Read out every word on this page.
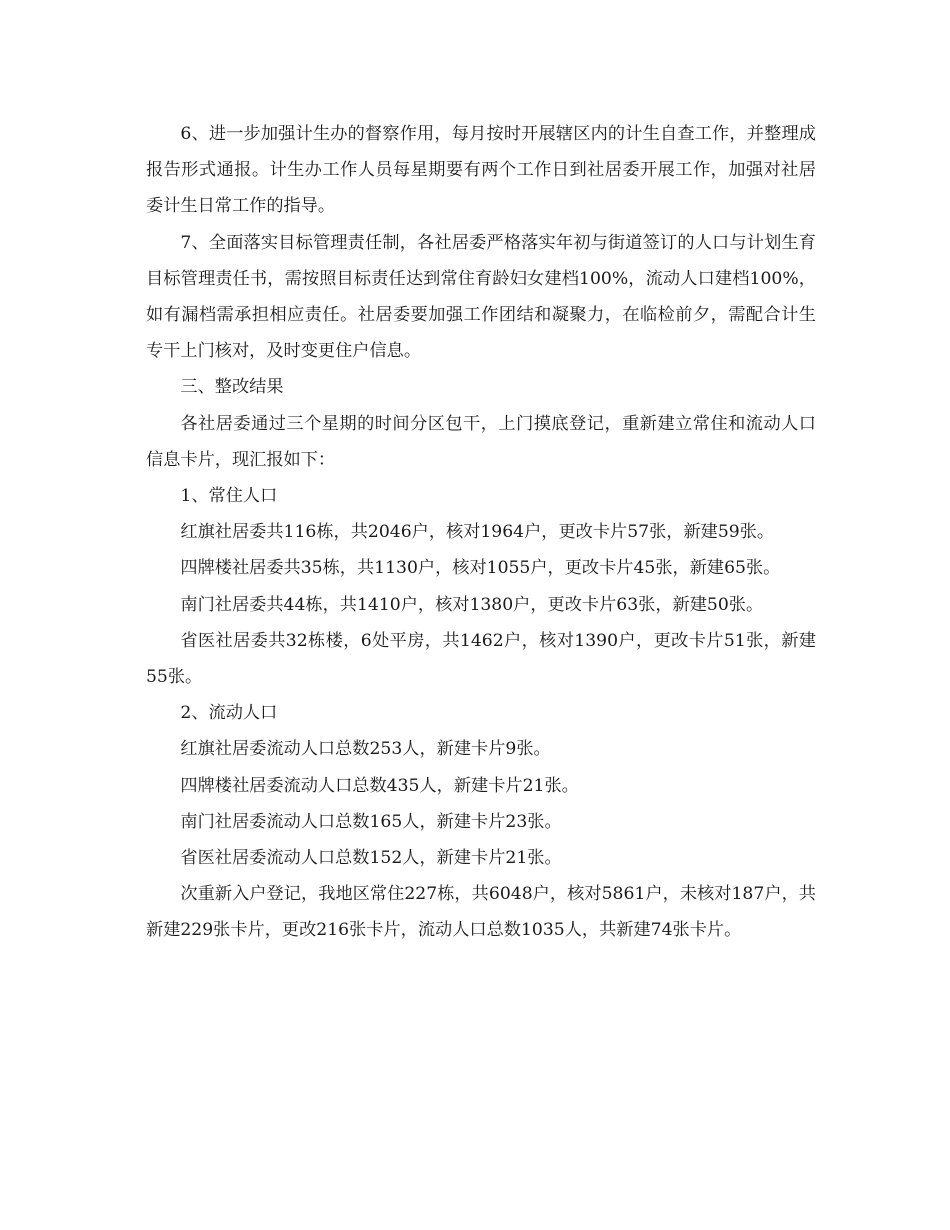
6、进一步加强计生办的督察作用，每月按时开展辖区内的计生自查工作，并整理成报告形式通报。计生办工作人员每星期要有两个工作日到社居委开展工作，加强对社居委计生日常工作的指导。

7、全面落实目标管理责任制，各社居委严格落实年初与街道签订的人口与计划生育目标管理责任书，需按照目标责任达到常住育龄妇女建档100%，流动人口建档100%，如有漏档需承担相应责任。社居委要加强工作团结和凝聚力，在临检前夕，需配合计生专干上门核对，及时变更住户信息。

三、整改结果

各社居委通过三个星期的时间分区包干，上门摸底登记，重新建立常住和流动人口信息卡片，现汇报如下：

1、常住人口

红旗社居委共116栋，共2046户，核对1964户，更改卡片57张，新建59张。

四牌楼社居委共35栋，共1130户，核对1055户，更改卡片45张，新建65张。

南门社居委共44栋，共1410户，核对1380户，更改卡片63张，新建50张。

省医社居委共32栋楼，6处平房，共1462户，核对1390户，更改卡片51张，新建55张。

2、流动人口

红旗社居委流动人口总数253人，新建卡片9张。

四牌楼社居委流动人口总数435人，新建卡片21张。

南门社居委流动人口总数165人，新建卡片23张。

省医社居委流动人口总数152人，新建卡片21张。

次重新入户登记，我地区常住227栋，共6048户，核对5861户，未核对187户，共新建229张卡片，更改216张卡片，流动人口总数1035人，共新建74张卡片。
